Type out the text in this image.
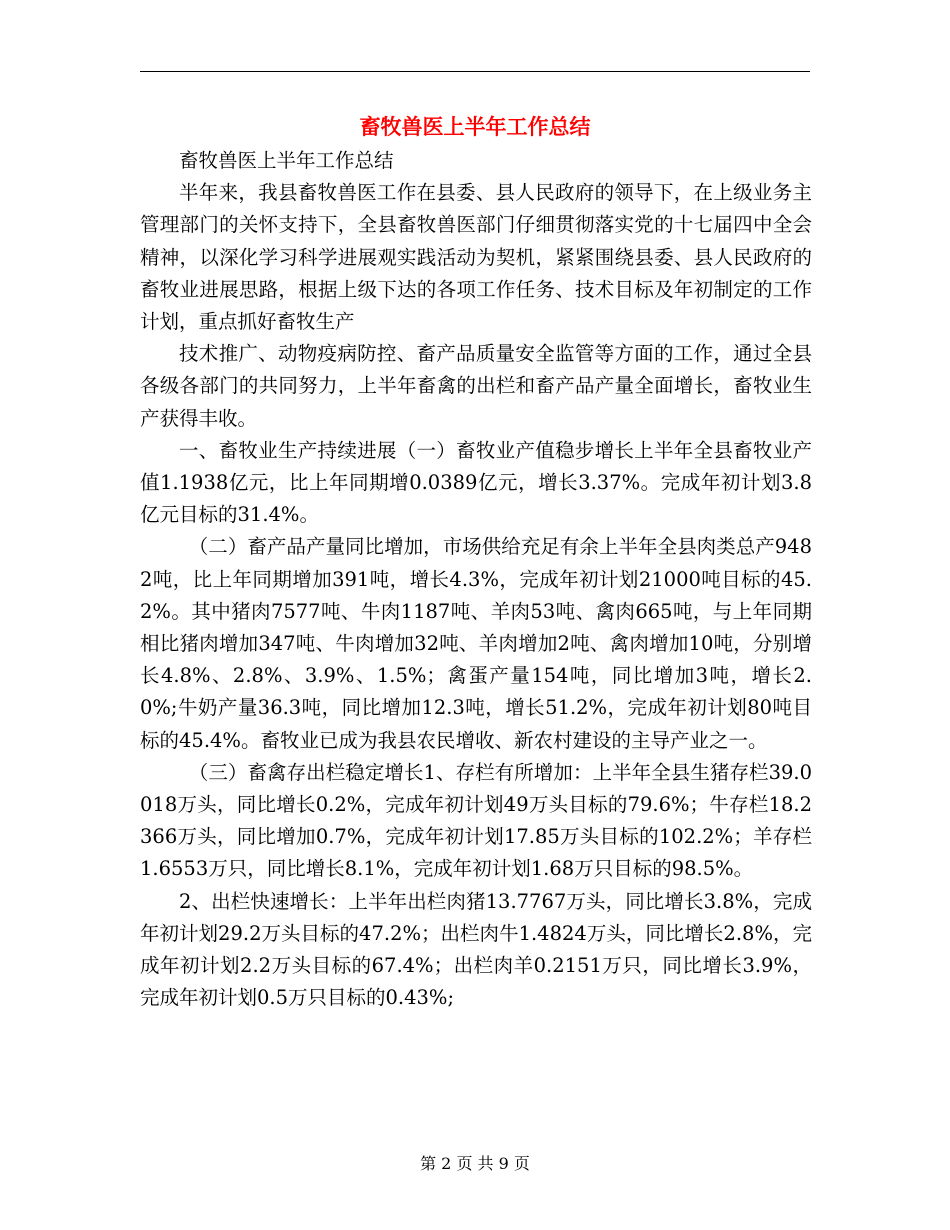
畜牧兽医上半年工作总结

畜牧兽医上半年工作总结

半年来，我县畜牧兽医工作在县委、县人民政府的领导下，在上级业务主管理部门的关怀支持下，全县畜牧兽医部门仔细贯彻落实党的十七届四中全会精神，以深化学习科学进展观实践活动为契机，紧紧围绕县委、县人民政府的畜牧业进展思路，根据上级下达的各项工作任务、技术目标及年初制定的工作计划，重点抓好畜牧生产

技术推广、动物疫病防控、畜产品质量安全监管等方面的工作，通过全县各级各部门的共同努力，上半年畜禽的出栏和畜产品产量全面增长，畜牧业生产获得丰收。

一、畜牧业生产持续进展（一）畜牧业产值稳步增长上半年全县畜牧业产值1.1938亿元，比上年同期增0.0389亿元，增长3.37%。完成年初计划3.8亿元目标的31.4%。

（二）畜产品产量同比增加，市场供给充足有余上半年全县肉类总产9482吨，比上年同期增加391吨，增长4.3%，完成年初计划21000吨目标的45.2%。其中猪肉7577吨、牛肉1187吨、羊肉53吨、禽肉665吨，与上年同期相比猪肉增加347吨、牛肉增加32吨、羊肉增加2吨、禽肉增加10吨，分别增长4.8%、2.8%、3.9%、1.5%；禽蛋产量154吨，同比增加3吨，增长2.0%;牛奶产量36.3吨，同比增加12.3吨，增长51.2%，完成年初计划80吨目标的45.4%。畜牧业已成为我县农民增收、新农村建设的主导产业之一。

（三）畜禽存出栏稳定增长1、存栏有所增加：上半年全县生猪存栏39.0018万头，同比增长0.2%，完成年初计划49万头目标的79.6%；牛存栏18.2366万头，同比增加0.7%，完成年初计划17.85万头目标的102.2%；羊存栏1.6553万只，同比增长8.1%，完成年初计划1.68万只目标的98.5%。

2、出栏快速增长：上半年出栏肉猪13.7767万头，同比增长3.8%，完成年初计划29.2万头目标的47.2%；出栏肉牛1.4824万头，同比增长2.8%，完成年初计划2.2万头目标的67.4%；出栏肉羊0.2151万只，同比增长3.9%，完成年初计划0.5万只目标的0.43%;

第 2 页 共 9 页
